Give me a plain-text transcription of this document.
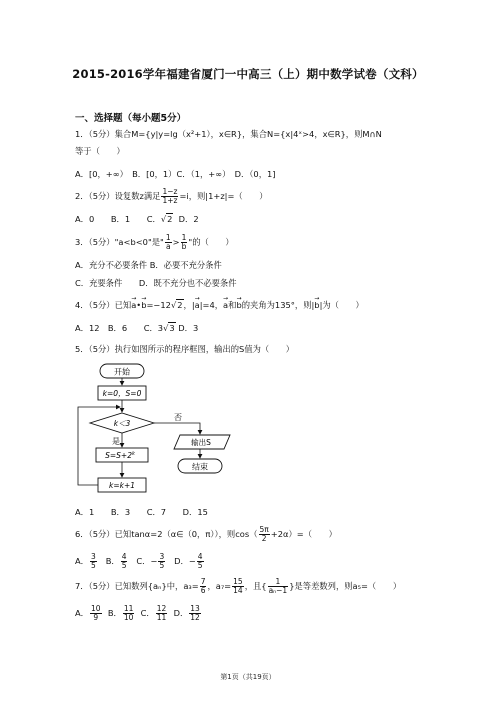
2015-2016学年福建省厦门一中高三（上）期中数学试卷（文科）
一、选择题（每小题5分）
1．（5分）集合M={y|y=lg（x²+1），x∈R}，集合N={x|4ˣ>4，x∈R}，则M∩N
等于（　　）
A．[0，+∞）　B．[0，1）C．（1，+∞）　D．（0，1]
2．（5分）设复数z满足 $\frac{1-z}{1+z} =i$，则|1+z|=（　　）
A．0　　B．1　　C．√2 D．2
3．（5分）"a<b<0"是" $\frac{1}{a} > \frac{1}{b}$ "的（　　）
A．充分不必要条件 B．必要不充分条件
C．充要条件　　D．既不充分也不必要条件
4．（5分）已知→ a•→ b=−12√2，|→ a|=4，→ a和→ b的夹角为135°，则|→ b|为（　　）
A．12　B．6　　C．3√3 D．3
5．（5分）执行如图所示的程序框图，输出的S值为（　　）
开始
k=0，S=0
k＜3
否
输出S
结束
是
$S=S+2^k$
k=k+1
A．1　　B．3　　C．7　　D．15
6．（5分）已知tanα=2（α∈（0，π）），则$\cos( \frac{5\pi}{2} +2\alpha)=$（　　）
A． $\frac{3}{5}$ B． $\frac{4}{5}$ C．− $\frac{3}{5}$ D．− $\frac{4}{5}$
7．（5分）已知数列{aₙ}中，$a_3= \frac{7}{6}$ ，$a_7= \frac{15}{14}$ ，且{ $\frac{1}{\text{aₙ−1}}$ }是等差数列，则a₅=（　　）
A． $\frac{10}{9}$ B． $\frac{11}{10}$ C． $\frac{12}{11}$ D． $\frac{13}{12}$
第1页（共19页）
